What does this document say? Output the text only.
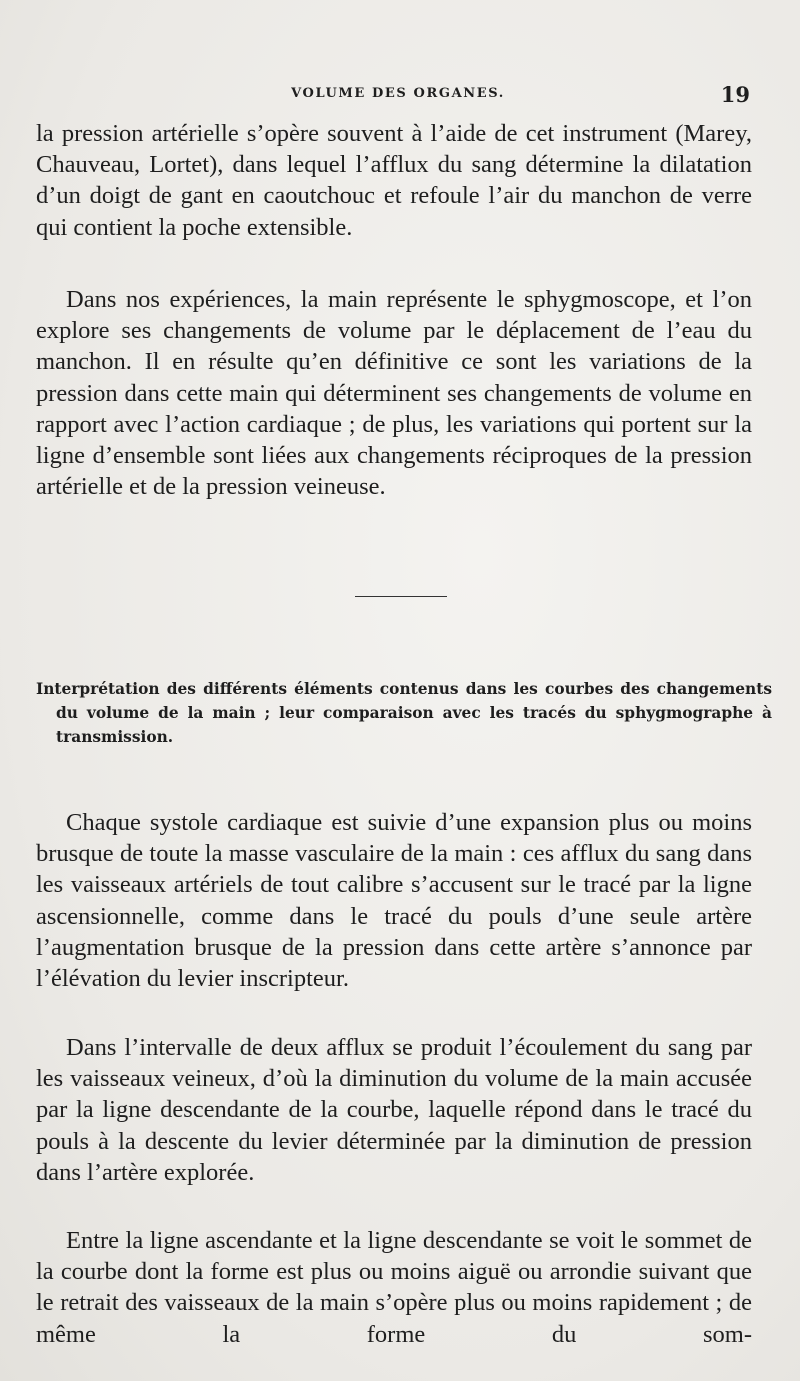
VOLUME DES ORGANES.	19

la pression artérielle s’opère souvent à l’aide de cet instrument (Marey, Chauveau, Lortet), dans lequel l’afflux du sang détermine la dilatation d’un doigt de gant en caoutchouc et refoule l’air du manchon de verre qui contient la poche extensible.

Dans nos expériences, la main représente le sphygmoscope, et l’on explore ses changements de volume par le déplacement de l’eau du manchon. Il en résulte qu’en définitive ce sont les variations de la pression dans cette main qui déterminent ses changements de volume en rapport avec l’action cardiaque ; de plus, les variations qui portent sur la ligne d’ensemble sont liées aux changements réciproques de la pression artérielle et de la pression veineuse.

Interprétation des différents éléments contenus dans les courbes des changements du volume de la main ; leur comparaison avec les tracés du sphygmographe à transmission.

Chaque systole cardiaque est suivie d’une expansion plus ou moins brusque de toute la masse vasculaire de la main : ces afflux du sang dans les vaisseaux artériels de tout calibre s’accusent sur le tracé par la ligne ascensionnelle, comme dans le tracé du pouls d’une seule artère l’augmentation brusque de la pression dans cette artère s’annonce par l’élévation du levier inscripteur.

Dans l’intervalle de deux afflux se produit l’écoulement du sang par les vaisseaux veineux, d’où la diminution du volume de la main accusée par la ligne descendante de la courbe, laquelle répond dans le tracé du pouls à la descente du levier déterminée par la diminution de pression dans l’artère explorée.

Entre la ligne ascendante et la ligne descendante se voit le sommet de la courbe dont la forme est plus ou moins aiguë ou arrondie suivant que le retrait des vaisseaux de la main s’opère plus ou moins rapidement ; de même la forme du som-
